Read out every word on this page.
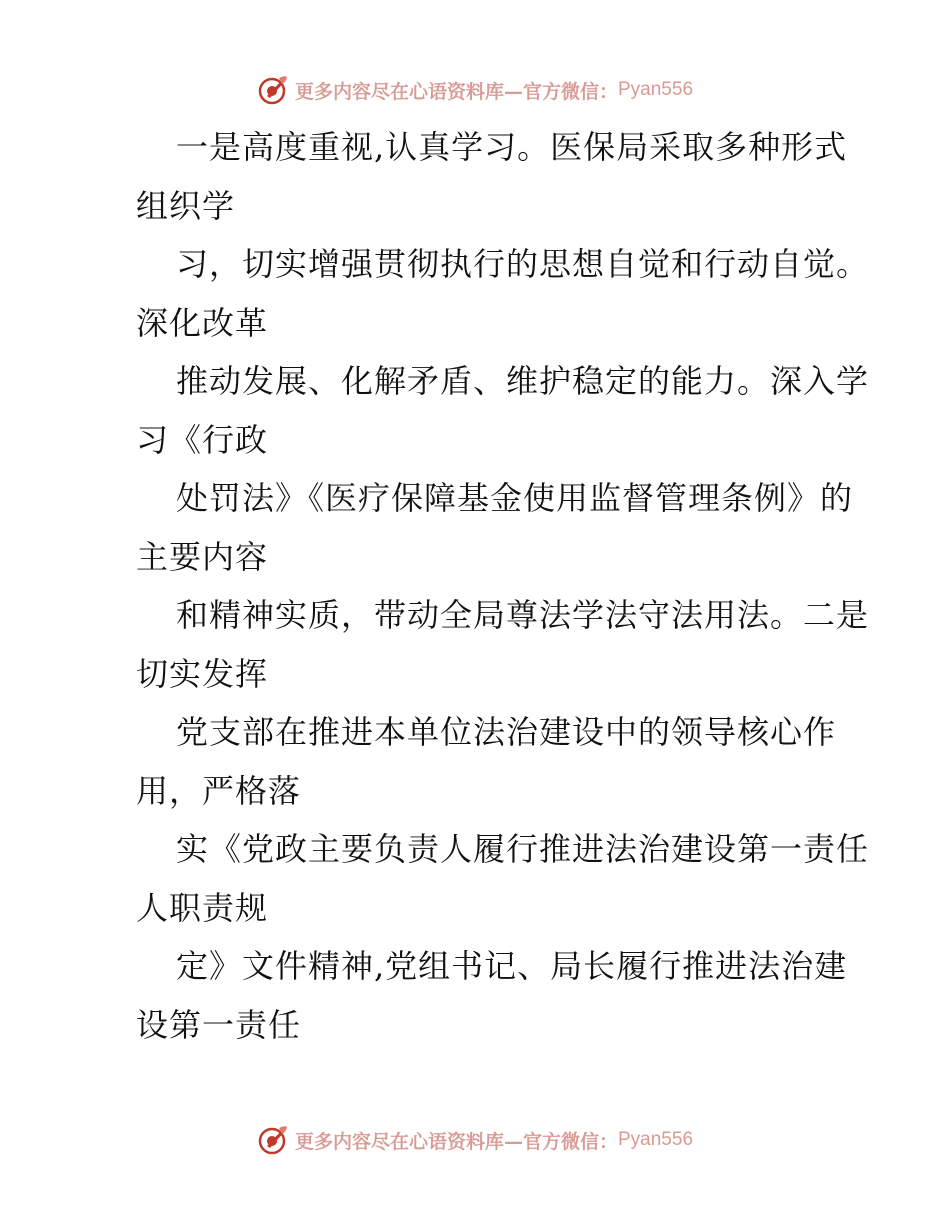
更多内容尽在心语资料库—官方微信： Pyan556
一是高度重视,认真学习。医保局采取多种形式
组织学
习，切实增强贯彻执行的思想自觉和行动自觉。
深化改革
推动发展、化解矛盾、维护稳定的能力。深入学
习《行政
处罚法》《医疗保障基金使用监督管理条例》的
主要内容
和精神实质，带动全局尊法学法守法用法。二是
切实发挥
党支部在推进本单位法治建设中的领导核心作
用，严格落
实《党政主要负责人履行推进法治建设第一责任
人职责规
定》文件精神,党组书记、局长履行推进法治建
设第一责任
更多内容尽在心语资料库—官方微信： Pyan556
